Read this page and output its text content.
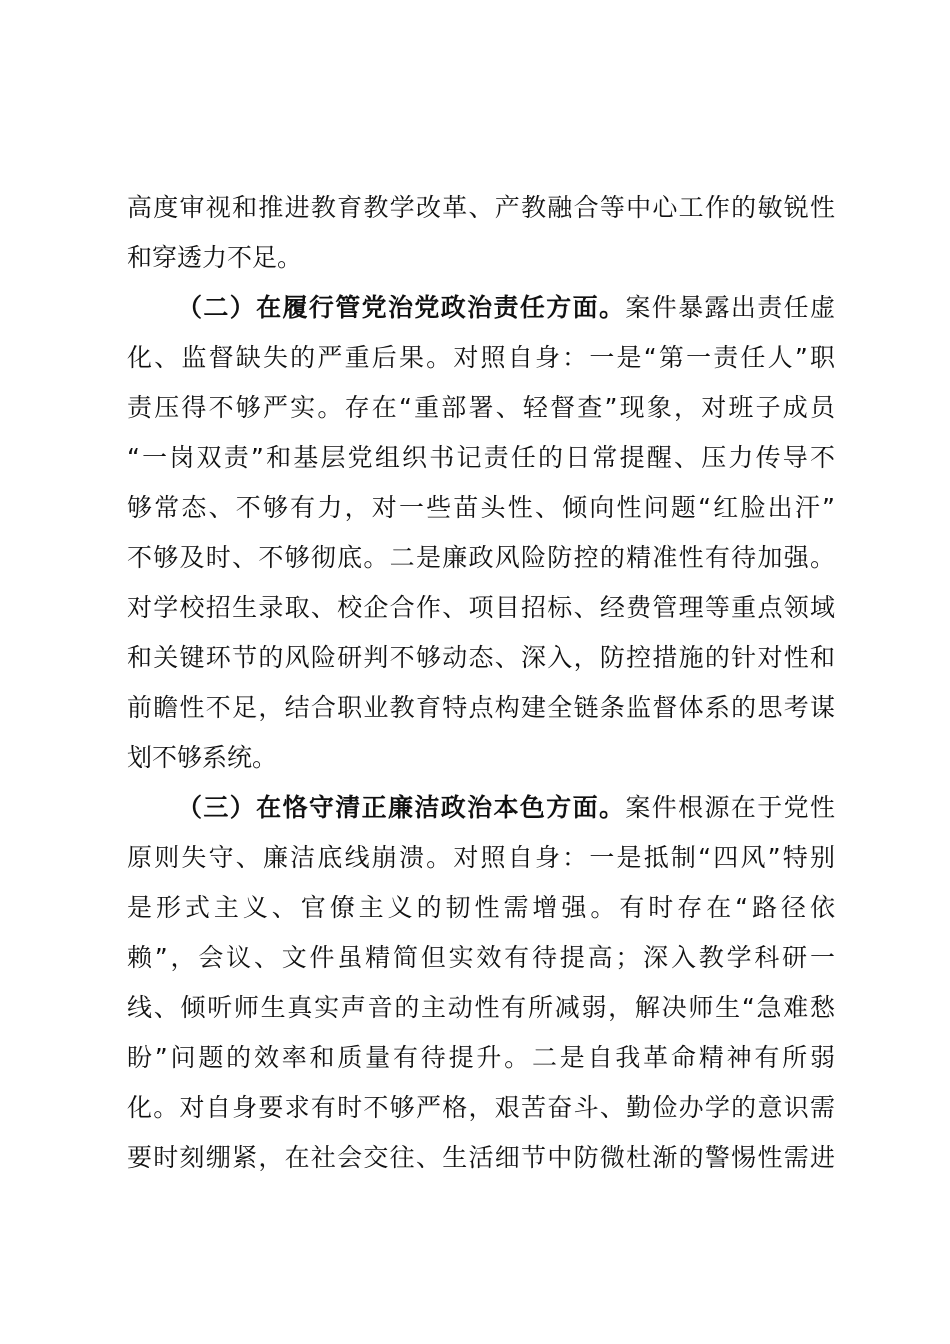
高度审视和推进教育教学改革、产教融合等中心工作的敏锐性
和穿透力不足。
（二）在履行管党治党政治责任方面。案件暴露出责任虚
化、监督缺失的严重后果。对照自身：一是“第一责任人”职
责压得不够严实。存在“重部署、轻督查”现象，对班子成员
“一岗双责”和基层党组织书记责任的日常提醒、压力传导不
够常态、不够有力，对一些苗头性、倾向性问题“红脸出汗”
不够及时、不够彻底。二是廉政风险防控的精准性有待加强。
对学校招生录取、校企合作、项目招标、经费管理等重点领域
和关键环节的风险研判不够动态、深入，防控措施的针对性和
前瞻性不足，结合职业教育特点构建全链条监督体系的思考谋
划不够系统。
（三）在恪守清正廉洁政治本色方面。案件根源在于党性
原则失守、廉洁底线崩溃。对照自身：一是抵制“四风”特别
是形式主义、官僚主义的韧性需增强。有时存在“路径依
赖”，会议、文件虽精简但实效有待提高；深入教学科研一
线、倾听师生真实声音的主动性有所减弱，解决师生“急难愁
盼”问题的效率和质量有待提升。二是自我革命精神有所弱
化。对自身要求有时不够严格，艰苦奋斗、勤俭办学的意识需
要时刻绷紧，在社会交往、生活细节中防微杜渐的警惕性需进
